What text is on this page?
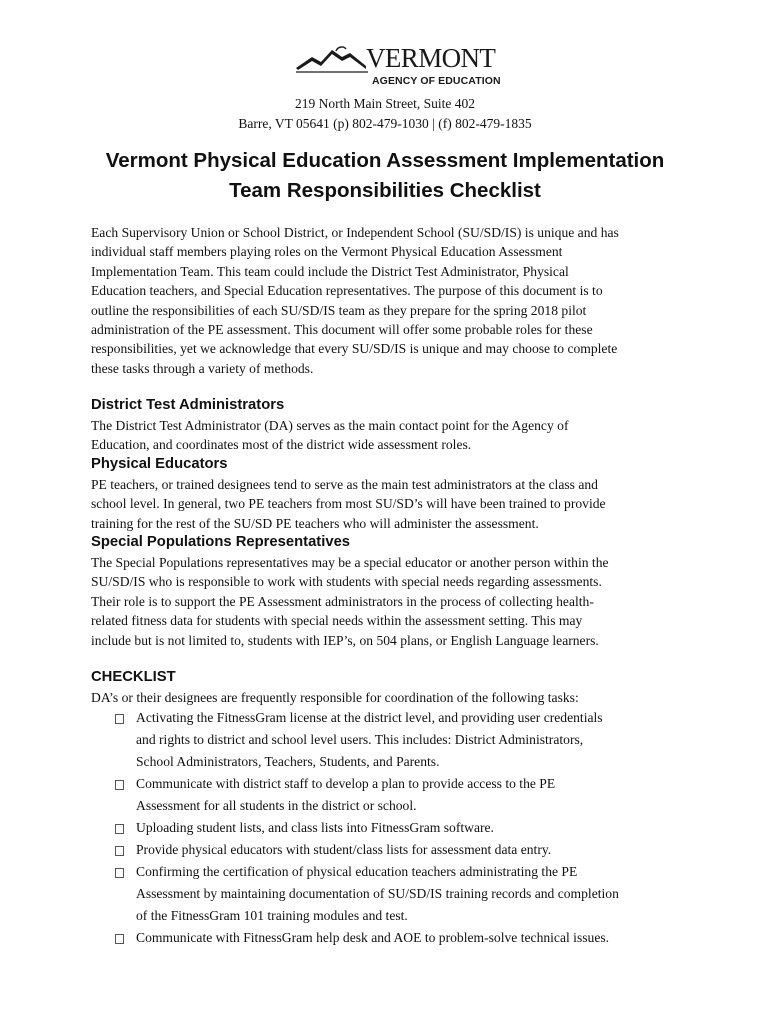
VERMONT
AGENCY OF EDUCATION
219 North Main Street, Suite 402
Barre, VT 05641 (p) 802-479-1030 | (f) 802-479-1835
Vermont Physical Education Assessment Implementation
Team Responsibilities Checklist
Each Supervisory Union or School District, or Independent School (SU/SD/IS) is unique and has
individual staff members playing roles on the Vermont Physical Education Assessment
Implementation Team. This team could include the District Test Administrator, Physical
Education teachers, and Special Education representatives. The purpose of this document is to
outline the responsibilities of each SU/SD/IS team as they prepare for the spring 2018 pilot
administration of the PE assessment. This document will offer some probable roles for these
responsibilities, yet we acknowledge that every SU/SD/IS is unique and may choose to complete
these tasks through a variety of methods.
District Test Administrators
The District Test Administrator (DA) serves as the main contact point for the Agency of
Education, and coordinates most of the district wide assessment roles.
Physical Educators
PE teachers, or trained designees tend to serve as the main test administrators at the class and
school level. In general, two PE teachers from most SU/SD’s will have been trained to provide
training for the rest of the SU/SD PE teachers who will administer the assessment.
Special Populations Representatives
The Special Populations representatives may be a special educator or another person within the
SU/SD/IS who is responsible to work with students with special needs regarding assessments.
Their role is to support the PE Assessment administrators in the process of collecting health-
related fitness data for students with special needs within the assessment setting. This may
include but is not limited to, students with IEP’s, on 504 plans, or English Language learners.
CHECKLIST
DA’s or their designees are frequently responsible for coordination of the following tasks:
Activating the FitnessGram license at the district level, and providing user credentials
and rights to district and school level users. This includes: District Administrators,
School Administrators, Teachers, Students, and Parents.
Communicate with district staff to develop a plan to provide access to the PE
Assessment for all students in the district or school.
Uploading student lists, and class lists into FitnessGram software.
Provide physical educators with student/class lists for assessment data entry.
Confirming the certification of physical education teachers administrating the PE
Assessment by maintaining documentation of SU/SD/IS training records and completion
of the FitnessGram 101 training modules and test.
Communicate with FitnessGram help desk and AOE to problem-solve technical issues.
